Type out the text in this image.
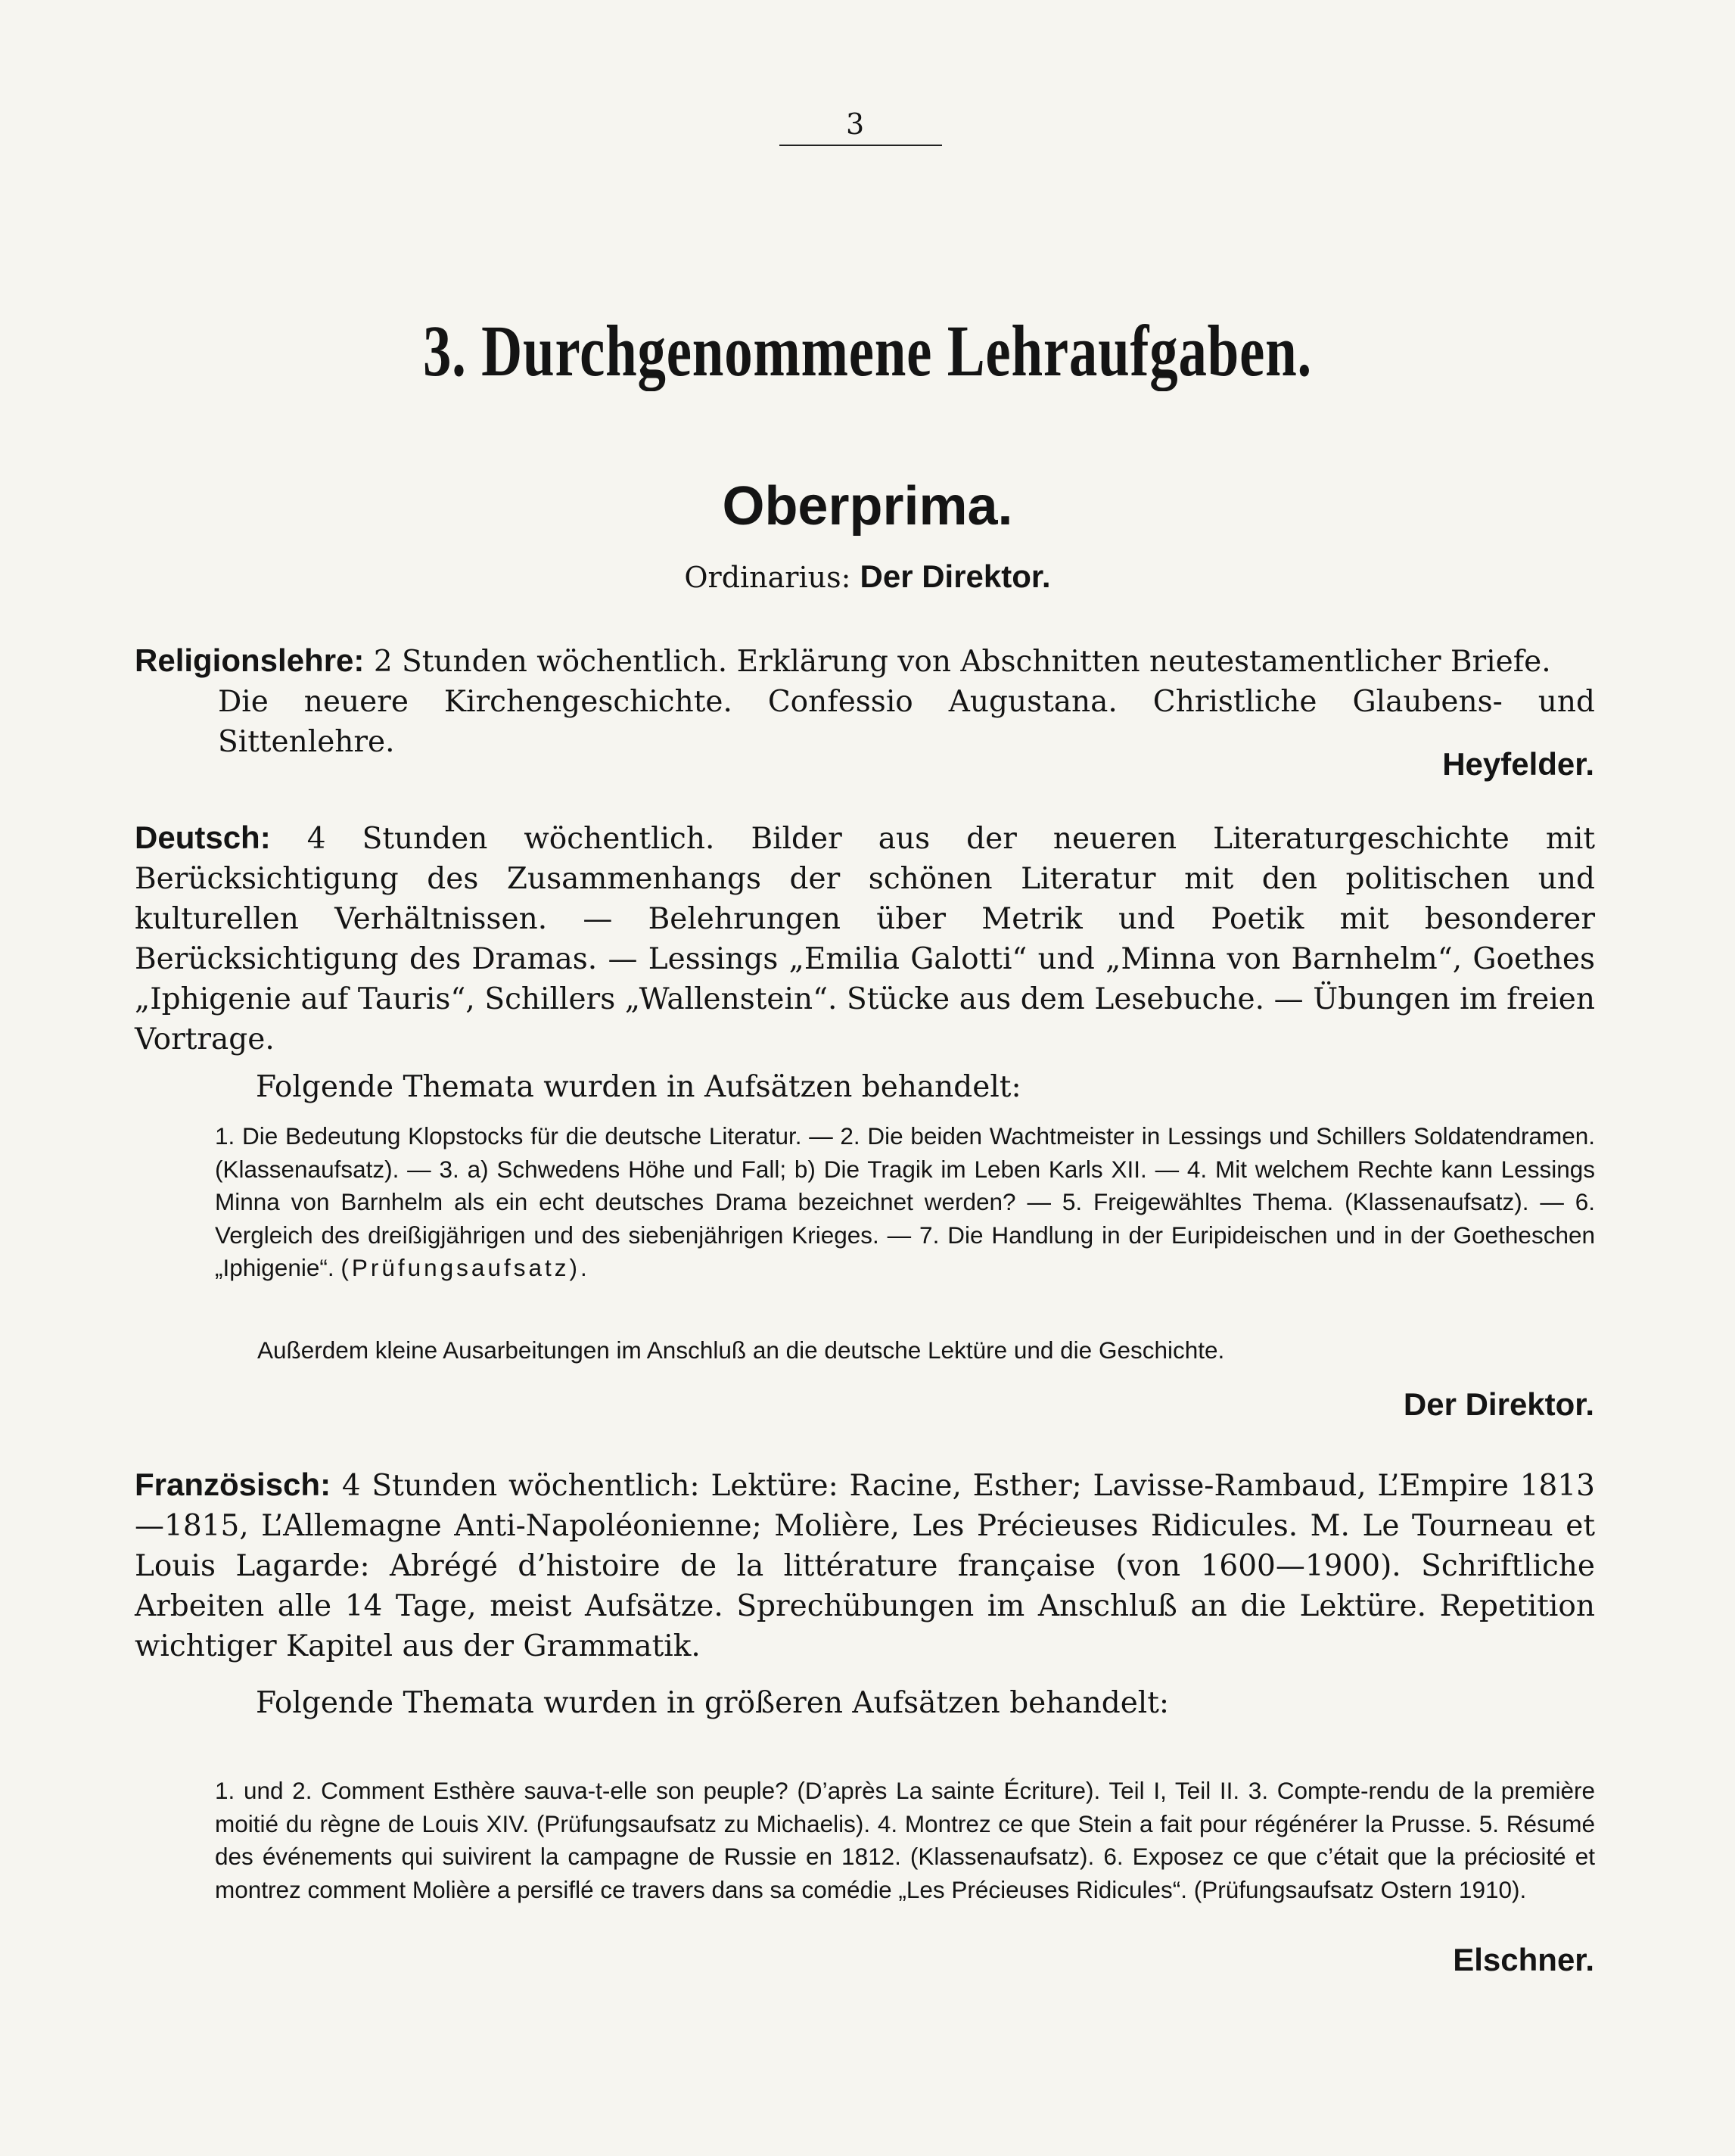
3
3. Durchgenommene Lehraufgaben.
Oberprima.
Ordinarius: Der Direktor.
Religionslehre: 2 Stunden wöchentlich. Erklärung von Abschnitten neutestamentlicher Briefe.
Die neuere Kirchengeschichte. Confessio Augustana. Christliche Glaubens- und Sittenlehre.
Heyfelder.
Deutsch: 4 Stunden wöchentlich. Bilder aus der neueren Literaturgeschichte mit Berücksichtigung des Zusammenhangs der schönen Literatur mit den politischen und kulturellen Verhältnissen. — Belehrungen über Metrik und Poetik mit besonderer Berücksichtigung des Dramas. — Lessings „Emilia Galotti“ und „Minna von Barnhelm“, Goethes „Iphigenie auf Tauris“, Schillers „Wallenstein“. Stücke aus dem Lesebuche. — Übungen im freien Vortrage.
Folgende Themata wurden in Aufsätzen behandelt:
1. Die Bedeutung Klopstocks für die deutsche Literatur. — 2. Die beiden Wachtmeister in Lessings und Schillers Soldatendramen. (Klassenaufsatz). — 3. a) Schwedens Höhe und Fall; b) Die Tragik im Leben Karls XII. — 4. Mit welchem Rechte kann Lessings Minna von Barnhelm als ein echt deutsches Drama bezeichnet werden? — 5. Freigewähltes Thema. (Klassenaufsatz). — 6. Vergleich des dreißigjährigen und des siebenjährigen Krieges. — 7. Die Handlung in der Euripideischen und in der Goetheschen „Iphigenie“. (Prüfungsaufsatz).
Außerdem kleine Ausarbeitungen im Anschluß an die deutsche Lektüre und die Geschichte.
Der Direktor.
Französisch: 4 Stunden wöchentlich: Lektüre: Racine, Esther; Lavisse-Rambaud, L’Empire 1813—1815, L’Allemagne Anti-Napoléonienne; Molière, Les Précieuses Ridicules. M. Le Tourneau et Louis Lagarde: Abrégé d’histoire de la littérature française (von 1600—1900). Schriftliche Arbeiten alle 14 Tage, meist Aufsätze. Sprechübungen im Anschluß an die Lektüre. Repetition wichtiger Kapitel aus der Grammatik.
Folgende Themata wurden in größeren Aufsätzen behandelt:
1. und 2. Comment Esthère sauva-t-elle son peuple? (D’après La sainte Écriture). Teil I, Teil II. 3. Compte-rendu de la première moitié du règne de Louis XIV. (Prüfungsaufsatz zu Michaelis). 4. Montrez ce que Stein a fait pour régénérer la Prusse. 5. Résumé des événements qui suivirent la campagne de Russie en 1812. (Klassenaufsatz). 6. Exposez ce que c’était que la préciosité et montrez comment Molière a persiflé ce travers dans sa comédie „Les Précieuses Ridicules“. (Prüfungsaufsatz Ostern 1910).
Elschner.
